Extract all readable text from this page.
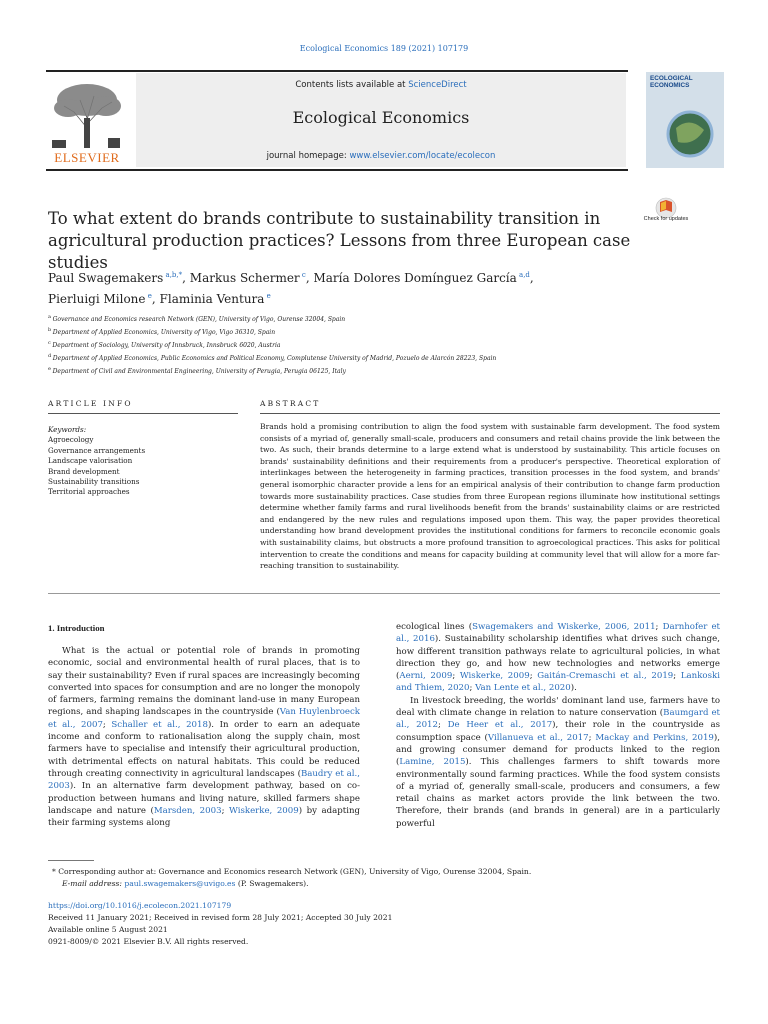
Ecological Economics 189 (2021) 107179
ELSEVIER
Contents lists available at ScienceDirect
Ecological Economics
journal homepage: www.elsevier.com/locate/ecolecon
ECOLOGICAL ECONOMICS
Check for updates
To what extent do brands contribute to sustainability transition in agricultural production practices? Lessons from three European case studies
Paul Swagemakers $^{a,b,*}$, Markus Schermer $^c$, María Dolores Domínguez García $^{a,d}$,
Pierluigi Milone $^e$, Flaminia Ventura $^e$
$^a$ Governance and Economics research Network (GEN), University of Vigo, Ourense 32004, Spain
$^b$ Department of Applied Economics, University of Vigo, Vigo 36310, Spain
$^c$ Department of Sociology, University of Innsbruck, Innsbruck 6020, Austria
$^d$ Department of Applied Economics, Public Economics and Political Economy, Complutense University of Madrid, Pozuelo de Alarcón 28223, Spain
$^e$ Department of Civil and Environmental Engineering, University of Perugia, Perugia 06125, Italy
ARTICLE INFO
Keywords:
Agroecology
Governance arrangements
Landscape valorisation
Brand development
Sustainability transitions
Territorial approaches
ABSTRACT
Brands hold a promising contribution to align the food system with sustainable farm development. The food system consists of a myriad of, generally small-scale, producers and consumers and retail chains provide the link between the two. As such, their brands determine to a large extend what is understood by sustainability. This article focuses on brands' sustainability definitions and their requirements from a producer's perspective. Theoretical exploration of interlinkages between the heterogeneity in farming practices, transition processes in the food system, and brands' general isomorphic character provide a lens for an empirical analysis of their contribution to change farm production towards more sustainability practices. Case studies from three European regions illuminate how institutional settings determine whether family farms and rural livelihoods benefit from the brands' sustainability claims or are restricted and endangered by the new rules and regulations imposed upon them. This way, the paper provides theoretical understanding how brand development provides the institutional conditions for farmers to reconcile economic goals with sustainability claims, but obstructs a more profound transition to agroecological practices. This asks for political intervention to create the conditions and means for capacity building at community level that will allow for a more far-reaching transition to sustainability.
1. Introduction

What is the actual or potential role of brands in promoting economic, social and environmental health of rural places, that is to say their sustainability? Even if rural spaces are increasingly becoming converted into spaces for consumption and are no longer the monopoly of farmers, farming remains the dominant land-use in many European regions, and shaping landscapes in the countryside (Van Huylenbroeck et al., 2007; Schaller et al., 2018). In order to earn an adequate income and conform to rationalisation along the supply chain, most farmers have to specialise and intensify their agricultural production, with detrimental effects on natural habitats. This could be reduced through creating connectivity in agricultural landscapes (Baudry et al., 2003). In an alternative farm development pathway, based on co-production between humans and living nature, skilled farmers shape landscape and nature (Marsden, 2003; Wiskerke, 2009) by adapting their farming systems along

ecological lines (Swagemakers and Wiskerke, 2006, 2011; Darnhofer et al., 2016). Sustainability scholarship identifies what drives such change, how different transition pathways relate to agricultural policies, in what direction they go, and how new technologies and networks emerge (Aerni, 2009; Wiskerke, 2009; Gaitán-Cremaschi et al., 2019; Lankoski and Thiem, 2020; Van Lente et al., 2020).

In livestock breeding, the worlds' dominant land use, farmers have to deal with climate change in relation to nature conservation (Baumgard et al., 2012; De Heer et al., 2017), their role in the countryside as consumption space (Villanueva et al., 2017; Mackay and Perkins, 2019), and growing consumer demand for products linked to the region (Lamine, 2015). This challenges farmers to shift towards more environmentally sound farming practices. While the food system consists of a myriad of, generally small-scale, producers and consumers, a few retail chains as market actors provide the link between the two. Therefore, their brands (and brands in general) are in a particularly powerful

* Corresponding author at: Governance and Economics research Network (GEN), University of Vigo, Ourense 32004, Spain.
E-mail address: paul.swagemakers@uvigo.es (P. Swagemakers).
https://doi.org/10.1016/j.ecolecon.2021.107179
Received 11 January 2021; Received in revised form 28 July 2021; Accepted 30 July 2021
Available online 5 August 2021
0921-8009/© 2021 Elsevier B.V. All rights reserved.
